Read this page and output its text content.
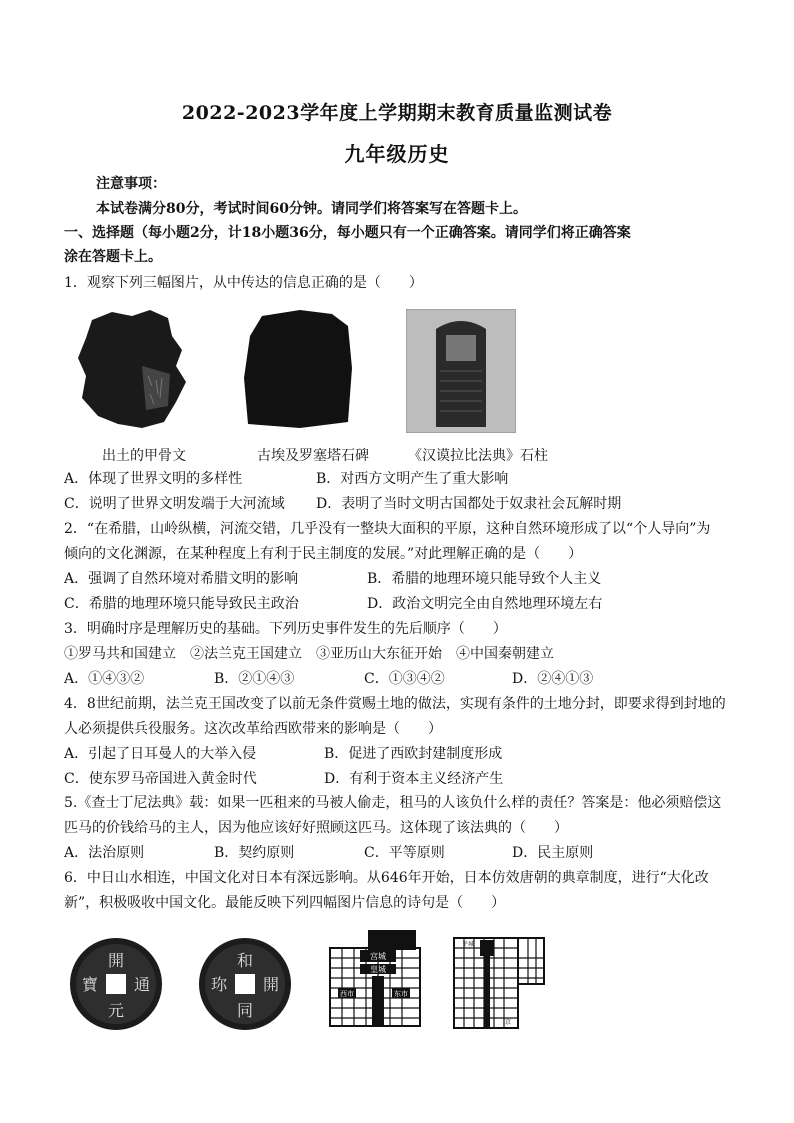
2022-2023学年度上学期期末教育质量监测试卷
九年级历史
注意事项：
本试卷满分80分，考试时间60分钟。请同学们将答案写在答题卡上。
一、选择题（每小题2分，计18小题36分，每小题只有一个正确答案。请同学们将正确答案
涂在答题卡上。
1．观察下列三幅图片，从中传达的信息正确的是（　　）
出土的甲骨文	古埃及罗塞塔石碑	《汉谟拉比法典》石柱
A．体现了世界文明的多样性	B．对西方文明产生了重大影响
C．说明了世界文明发端于大河流域 D．表明了当时文明古国都处于奴隶社会瓦解时期
2．“在希腊，山岭纵横，河流交错，几乎没有一整块大面积的平原，这种自然环境形成了以“个人导向”为
倾向的文化渊源，在某种程度上有利于民主制度的发展。”对此理解正确的是（　　）
A．强调了自然环境对希腊文明的影响	B．希腊的地理环境只能导致个人主义
C．希腊的地理环境只能导致民主政治	D．政治文明完全由自然地理环境左右
3．明确时序是理解历史的基础。下列历史事件发生的先后顺序（　　）
①罗马共和国建立　②法兰克王国建立　③亚历山大东征开始　④中国秦朝建立
A．①④③②	B．②①④③	C．①③④②	D．②④①③
4．8世纪前期，法兰克王国改变了以前无条件赏赐土地的做法，实现有条件的土地分封，即要求得到封地的
人必须提供兵役服务。这次改革给西欧带来的影响是（　　）
A．引起了日耳曼人的大举入侵	B．促进了西欧封建制度形成
C．使东罗马帝国进入黄金时代	D．有利于资本主义经济产生
5.《查士丁尼法典》载：如果一匹租来的马被人偷走，租马的人该负什么样的责任？答案是：他必须赔偿这
匹马的价钱给马的主人，因为他应该好好照顾这匹马。这体现了该法典的（　　）
A．法治原则	B．契约原则	C．平等原则	D．民主原则
6．中日山水相连，中国文化对日本有深远影响。从646年开始，日本仿效唐朝的典章制度，进行“大化改
新”，积极吸收中国文化。最能反映下列四幅图片信息的诗句是（　　）
開
元
通
寶
和
同
開
珎
宫城
皇城
东市
西市
平城
京
